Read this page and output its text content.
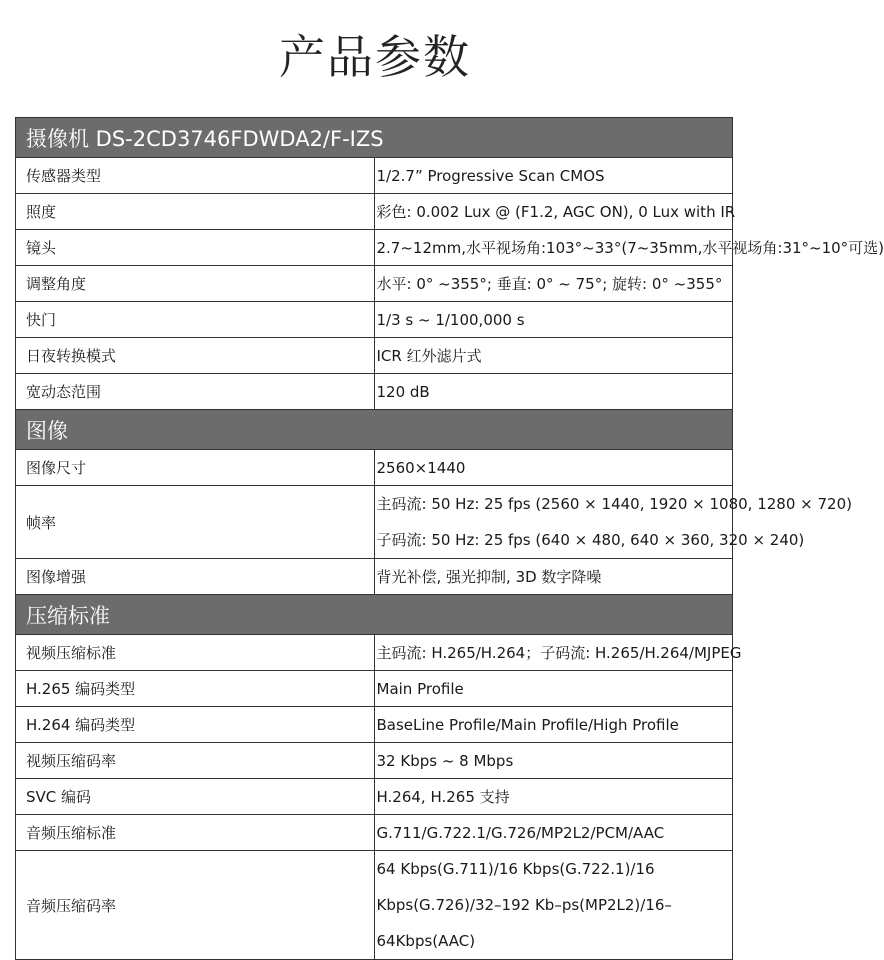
产品参数
摄像机 DS-2CD3746FDWDA2/F-IZS	
传感器类型	1/2.7” Progressive Scan CMOS
照度	彩色: 0.002 Lux @ (F1.2, AGC ON), 0 Lux with IR
镜头	2.7~12mm,水平视场角:103°~33°(7~35mm,水平视场角:31°~10°可选)
调整角度	水平: 0° ~355°; 垂直: 0° ~ 75°; 旋转: 0° ~355°
快门	1/3 s ~ 1/100,000 s
日夜转换模式	ICR 红外滤片式
宽动态范围	120 dB
图像	
图像尺寸	2560×1440
帧率	主码流: 50 Hz: 25 fps (2560 × 1440, 1920 × 1080, 1280 × 720)
子码流: 50 Hz: 25 fps (640 × 480, 640 × 360, 320 × 240)

图像增强	背光补偿, 强光抑制, 3D 数字降噪
压缩标准	
视频压缩标准	主码流: H.265/H.264；子码流: H.265/H.264/MJPEG
H.265 编码类型	Main Profile
H.264 编码类型	BaseLine Profile/Main Profile/High Profile
视频压缩码率	32 Kbps ~ 8 Mbps
SVC 编码	H.264, H.265 支持
音频压缩标准	G.711/G.722.1/G.726/MP2L2/PCM/AAC
音频压缩码率	64 Kbps(G.711)/16 Kbps(G.722.1)/16 Kbps(G.726)/32–192 Kb–ps(MP2L2)/16–64Kbps(AAC)
